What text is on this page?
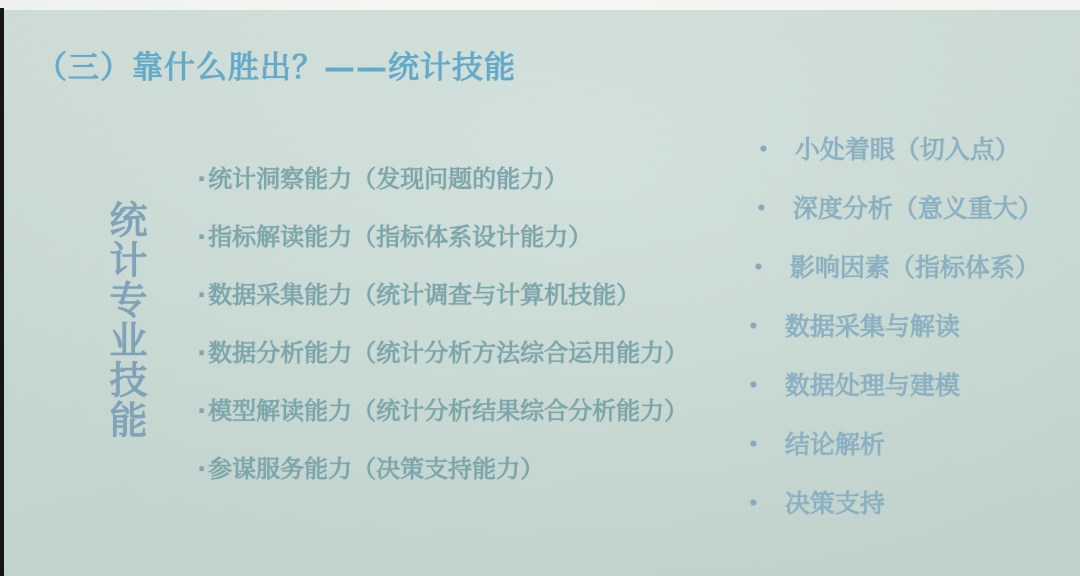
（三）靠什么胜出？——统计技能
统计专业技能
·统计洞察能力（发现问题的能力）
·指标解读能力（指标体系设计能力）
·数据采集能力（统计调查与计算机技能）
·数据分析能力（统计分析方法综合运用能力）
·模型解读能力（统计分析结果综合分析能力）
·参谋服务能力（决策支持能力）
• 小处着眼（切入点）
• 深度分析（意义重大）
• 影响因素（指标体系）
• 数据采集与解读
• 数据处理与建模
• 结论解析
• 决策支持
